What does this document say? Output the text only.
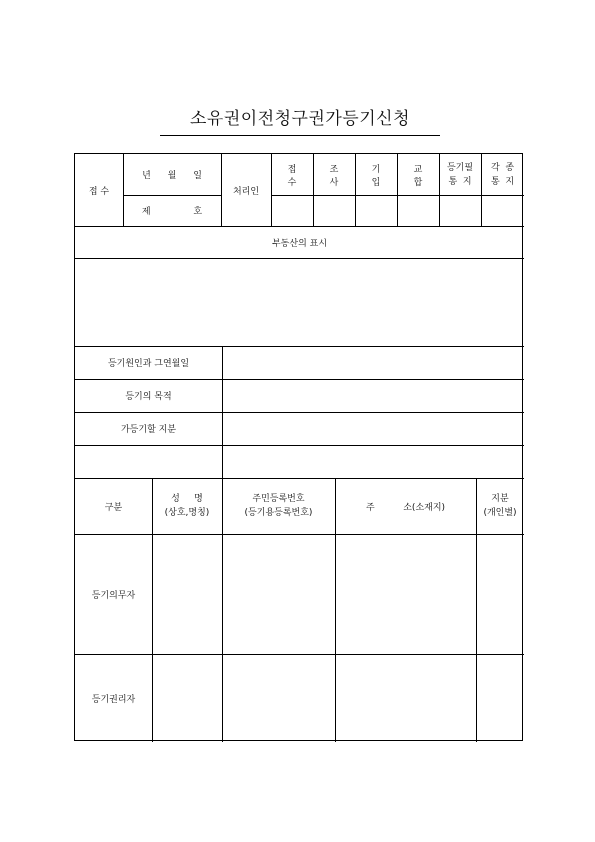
소유권이전청구권가등기신청
접 수
년 월 일
제 호
처리인
접 수
조 사
기 입
교 합
등기필
통  지
각  종
통  지
부동산의 표시
등기원인과 그연월일
등기의 목적
가등기할 지분
구분
성     명
(상호,명칭)
주민등록번호
(등기용등록번호)
주          소(소재지)
지분
(개인별)
등기의무자
등기권리자
